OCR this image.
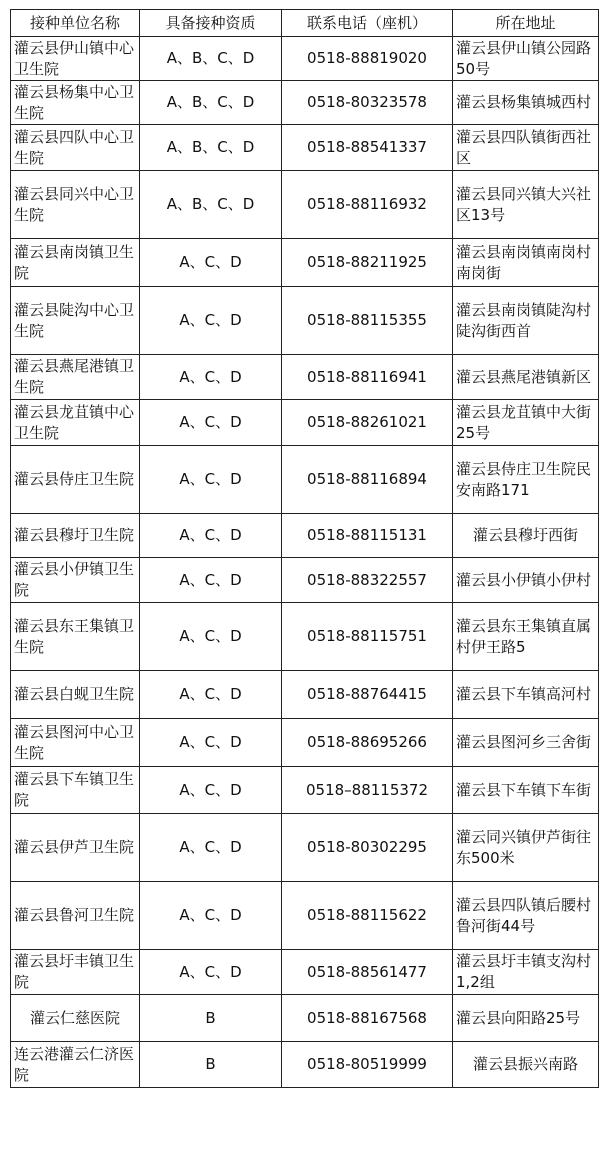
接种单位名称	具备接种资质	联系电话（座机）	所在地址
灌云县伊山镇中心卫生院	A、B、C、D	0518-88819020	灌云县伊山镇公园路50号
灌云县杨集中心卫生院	A、B、C、D	0518-80323578	灌云县杨集镇城西村
灌云县四队中心卫生院	A、B、C、D	0518-88541337	灌云县四队镇街西社区
灌云县同兴中心卫生院	A、B、C、D	0518-88116932	灌云县同兴镇大兴社区13号
灌云县南岗镇卫生院	A、C、D	0518-88211925	灌云县南岗镇南岗村南岗街
灌云县陡沟中心卫生院	A、C、D	0518-88115355	灌云县南岗镇陡沟村陡沟街西首
灌云县燕尾港镇卫生院	A、C、D	0518-88116941	灌云县燕尾港镇新区
灌云县龙苴镇中心卫生院	A、C、D	0518-88261021	灌云县龙苴镇中大街25号
灌云县侍庄卫生院	A、C、D	0518-88116894	灌云县侍庄卫生院民安南路171
灌云县穆圩卫生院	A、C、D	0518-88115131	灌云县穆圩西街
灌云县小伊镇卫生院	A、C、D	0518-88322557	灌云县小伊镇小伊村
灌云县东王集镇卫生院	A、C、D	0518-88115751	灌云县东王集镇直属村伊王路5
灌云县白蚬卫生院	A、C、D	0518-88764415	灌云县下车镇高河村
灌云县图河中心卫生院	A、C、D	0518-88695266	灌云县图河乡三舍街
灌云县下车镇卫生院	A、C、D	0518–88115372	灌云县下车镇下车街
灌云县伊芦卫生院	A、C、D	0518-80302295	灌云同兴镇伊芦街往东500米
灌云县鲁河卫生院	A、C、D	0518-88115622	灌云县四队镇后腰村鲁河街44号
灌云县圩丰镇卫生院	A、C、D	0518-88561477	灌云县圩丰镇支沟村1,2组
灌云仁慈医院	B	0518-88167568	灌云县向阳路25号
连云港灌云仁济医院	B	0518-80519999	灌云县振兴南路
